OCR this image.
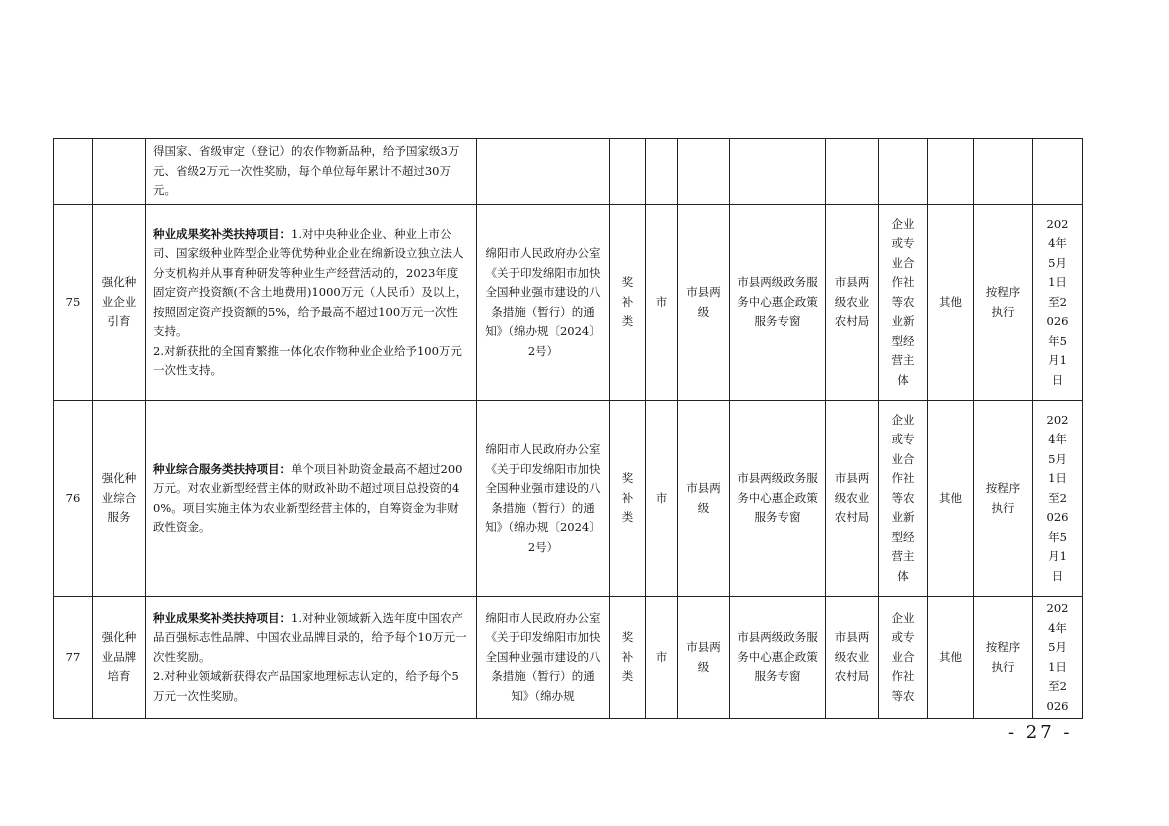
		得国家、省级审定（登记）的农作物新品种，给予国家级3万元、省级2万元一次性奖励，每个单位每年累计不超过30万元。										
75	强化种业企业引育	种业成果奖补类扶持项目：1.对中央种业企业、种业上市公司、国家级种业阵型企业等优势种业企业在绵新设立独立法人分支机构并从事育种研发等种业生产经营活动的，2023年度固定资产投资额(不含土地费用)1000万元（人民币）及以上，按照固定资产投资额的5%，给予最高不超过100万元一次性支持。
2.对新获批的全国育繁推一体化农作物种业企业给予100万元一次性支持。	绵阳市人民政府办公室《关于印发绵阳市加快全国种业强市建设的八条措施（暂行）的通知》（绵办规〔2024〕2号）	奖补类	市	市县两级	市县两级政务服务中心惠企政策服务专窗	市县两级农业农村局	企业或专业合作社等农业新型经营主体	其他	按程序执行	2024年5月1日至2026年5月1日
76	强化种业综合服务	种业综合服务类扶持项目：单个项目补助资金最高不超过200万元。对农业新型经营主体的财政补助不超过项目总投资的40%。项目实施主体为农业新型经营主体的，自筹资金为非财政性资金。	绵阳市人民政府办公室《关于印发绵阳市加快全国种业强市建设的八条措施（暂行）的通知》（绵办规〔2024〕2号）	奖补类	市	市县两级	市县两级政务服务中心惠企政策服务专窗	市县两级农业农村局	企业或专业合作社等农业新型经营主体	其他	按程序执行	2024年5月1日至2026年5月1日
77	强化种业品牌培育	种业成果奖补类扶持项目：1.对种业领域新入选年度中国农产品百强标志性品牌、中国农业品牌目录的，给予每个10万元一次性奖励。
2.对种业领域新获得农产品国家地理标志认定的，给予每个5万元一次性奖励。	绵阳市人民政府办公室《关于印发绵阳市加快全国种业强市建设的八条措施（暂行）的通知》（绵办规	奖补类	市	市县两级	市县两级政务服务中心惠企政策服务专窗	市县两级农业农村局	企业或专业合作社等农	其他	按程序执行	2024年5月1日至2026
- 27 -
